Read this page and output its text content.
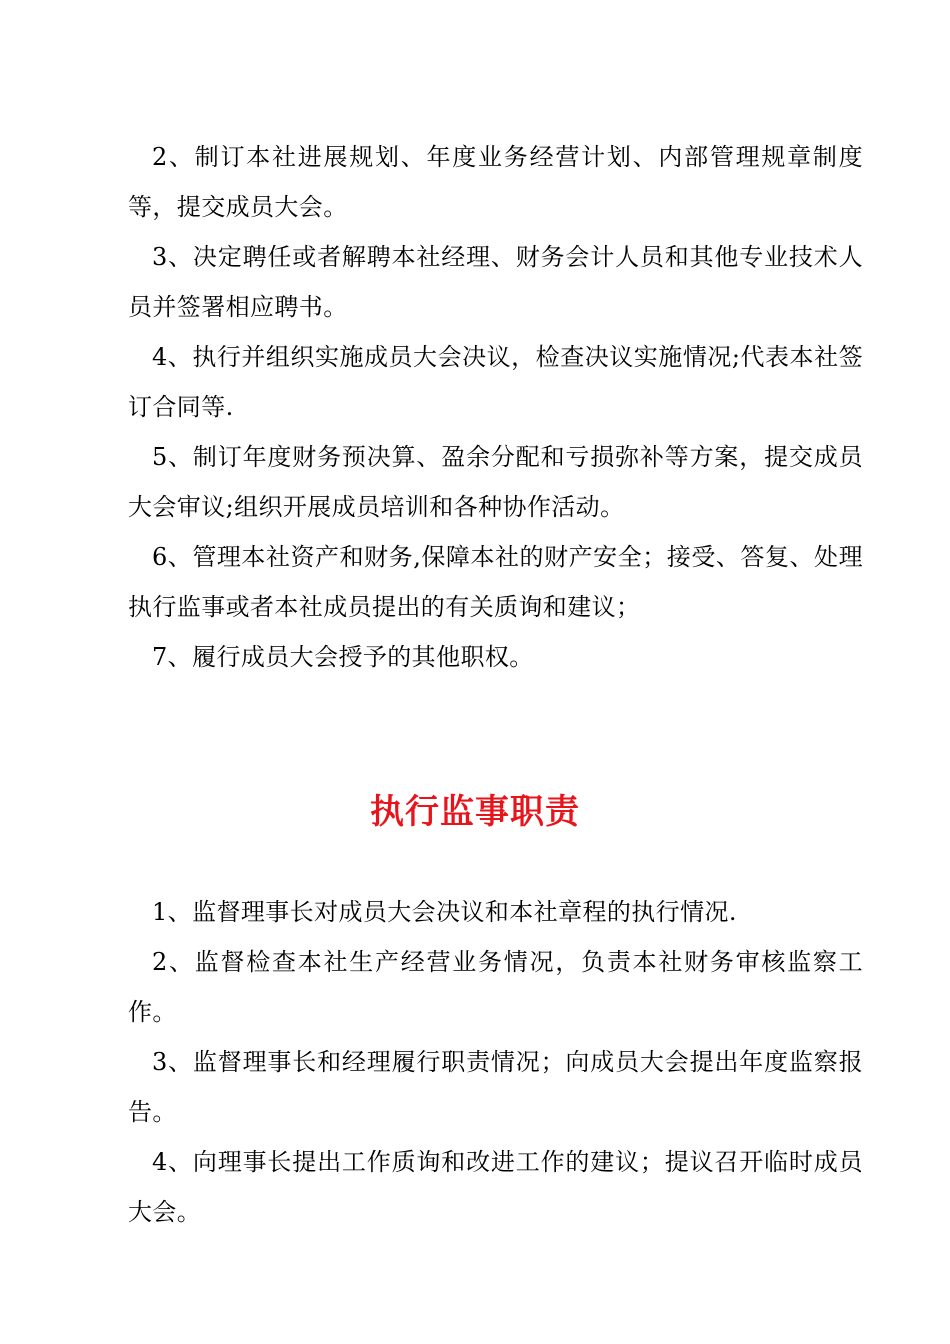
2、制订本社进展规划、年度业务经营计划、内部管理规章制度等，提交成员大会。

3、决定聘任或者解聘本社经理、财务会计人员和其他专业技术人员并签署相应聘书。

4、执行并组织实施成员大会决议，检查决议实施情况;代表本社签订合同等.

5、制订年度财务预决算、盈余分配和亏损弥补等方案，提交成员大会审议;组织开展成员培训和各种协作活动。

6、管理本社资产和财务,保障本社的财产安全；接受、答复、处理执行监事或者本社成员提出的有关质询和建议；

7、履行成员大会授予的其他职权。

执行监事职责

1、监督理事长对成员大会决议和本社章程的执行情况.

2、监督检查本社生产经营业务情况，负责本社财务审核监察工作。

3、监督理事长和经理履行职责情况；向成员大会提出年度监察报告。

4、向理事长提出工作质询和改进工作的建议；提议召开临时成员大会。
